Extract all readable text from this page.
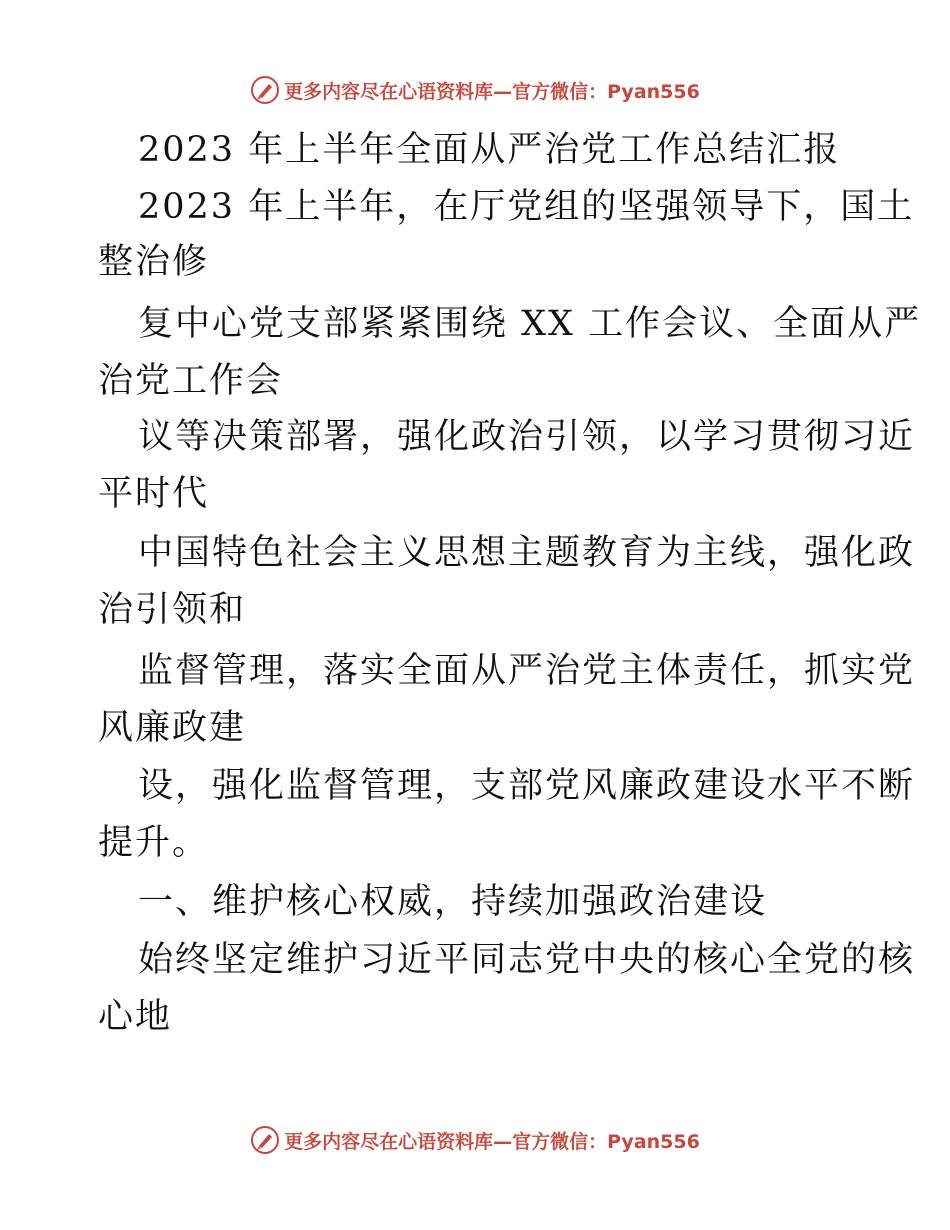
更多内容尽在心语资料库—官方微信：Pyan556
2023 年上半年全面从严治党工作总结汇报
2023 年上半年，在厅党组的坚强领导下，国土
整治修
复中心党支部紧紧围绕 XX 工作会议、全面从严
治党工作会
议等决策部署，强化政治引领，以学习贯彻习近
平时代
中国特色社会主义思想主题教育为主线，强化政
治引领和
监督管理，落实全面从严治党主体责任，抓实党
风廉政建
设，强化监督管理，支部党风廉政建设水平不断
提升。
一、维护核心权威，持续加强政治建设
始终坚定维护习近平同志党中央的核心全党的核
心地
更多内容尽在心语资料库—官方微信：Pyan556
